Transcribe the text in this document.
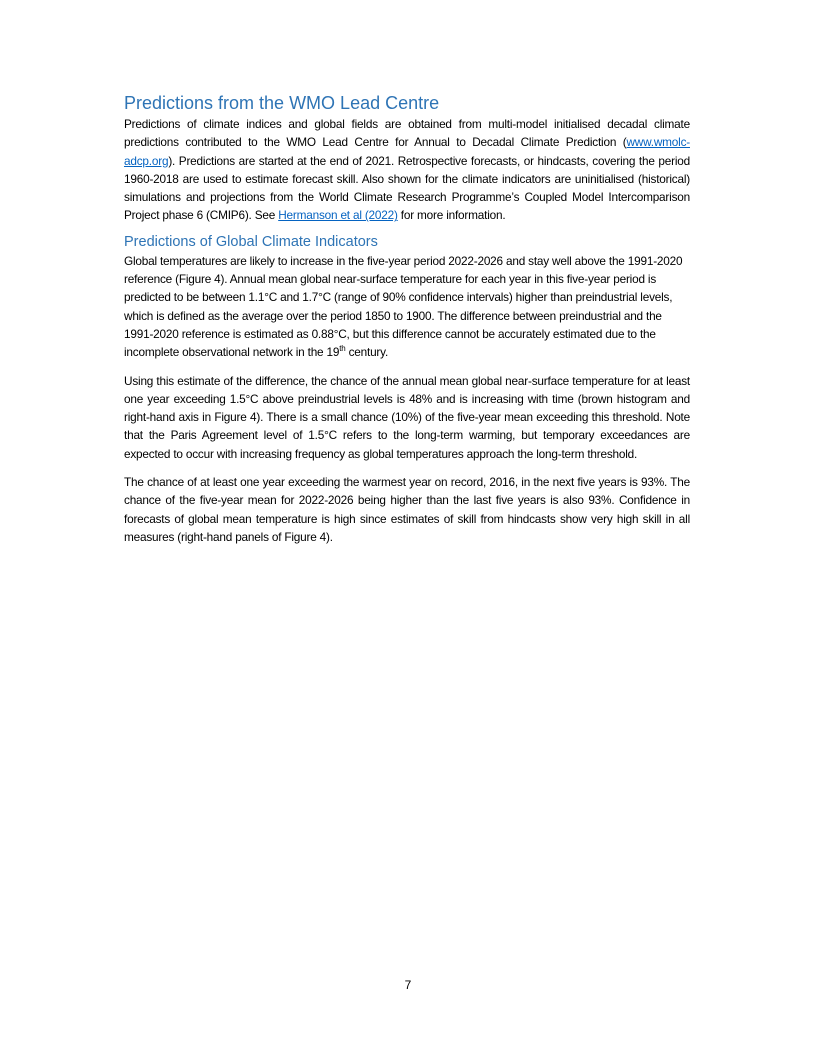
Predictions from the WMO Lead Centre

Predictions of climate indices and global fields are obtained from multi-model initialised decadal climate predictions contributed to the WMO Lead Centre for Annual to Decadal Climate Prediction (www.wmolc-adcp.org). Predictions are started at the end of 2021. Retrospective forecasts, or hindcasts, covering the period 1960-2018 are used to estimate forecast skill. Also shown for the climate indicators are uninitialised (historical) simulations and projections from the World Climate Research Programme’s Coupled Model Intercomparison Project phase 6 (CMIP6). See Hermanson et al (2022) for more information.

Predictions of Global Climate Indicators

Global temperatures are likely to increase in the five-year period 2022-2026 and stay well above the 1991-2020 reference (Figure 4). Annual mean global near-surface temperature for each year in this five-year period is predicted to be between 1.1°C and 1.7°C (range of 90% confidence intervals) higher than preindustrial levels, which is defined as the average over the period 1850 to 1900. The difference between preindustrial and the 1991-2020 reference is estimated as 0.88°C, but this difference cannot be accurately estimated due to the incomplete observational network in the 19th century.

Using this estimate of the difference, the chance of the annual mean global near-surface temperature for at least one year exceeding 1.5°C above preindustrial levels is 48% and is increasing with time (brown histogram and right-hand axis in Figure 4). There is a small chance (10%) of the five-year mean exceeding this threshold. Note that the Paris Agreement level of 1.5°C refers to the long-term warming, but temporary exceedances are expected to occur with increasing frequency as global temperatures approach the long-term threshold.

The chance of at least one year exceeding the warmest year on record, 2016, in the next five years is 93%. The chance of the five-year mean for 2022-2026 being higher than the last five years is also 93%. Confidence in forecasts of global mean temperature is high since estimates of skill from hindcasts show very high skill in all measures (right-hand panels of Figure 4).

7
